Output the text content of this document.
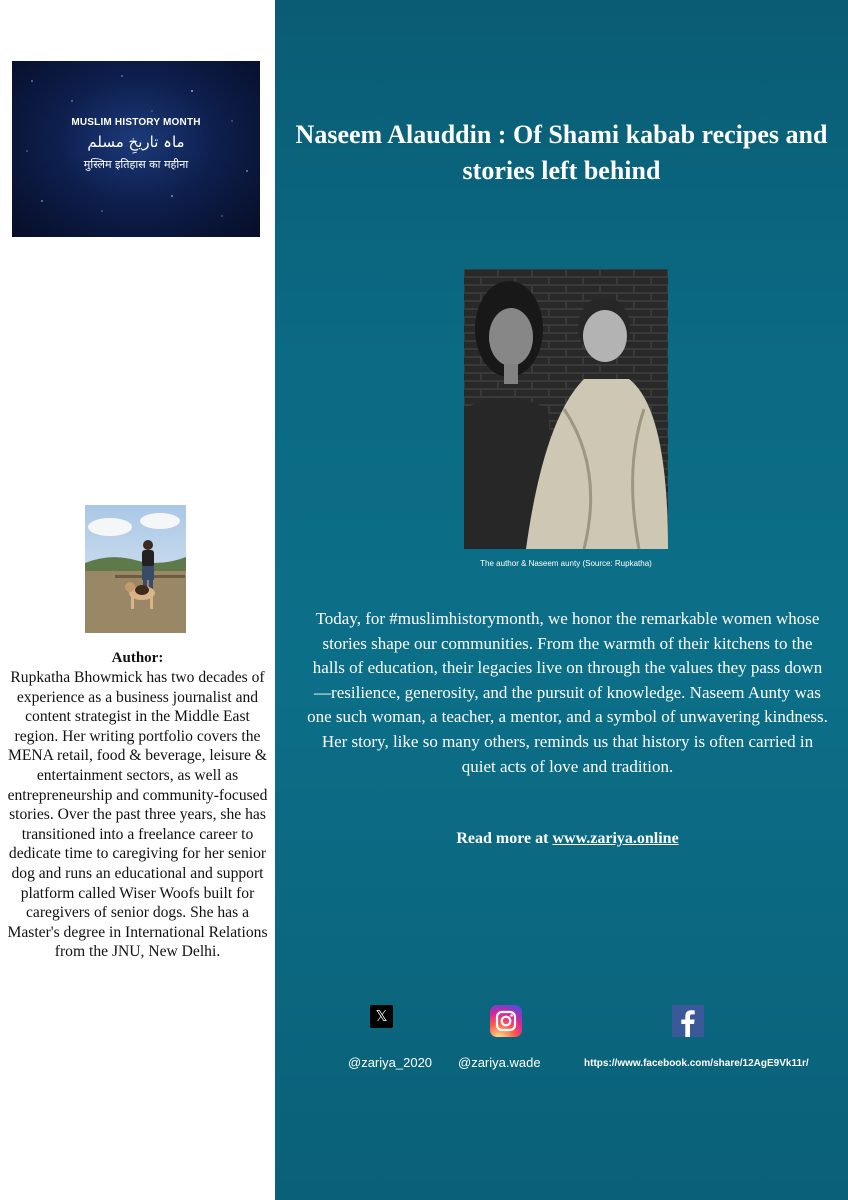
MUSLIM HISTORY MONTH
ماہ تاریخِ مسلم
मुस्लिम इतिहास का महीना
Author:
Rupkatha Bhowmick has two decades of experience as a business journalist and content strategist in the Middle East region. Her writing portfolio covers the MENA retail, food & beverage, leisure & entertainment sectors, as well as entrepreneurship and community-focused stories. Over the past three years, she has transitioned into a freelance career to dedicate time to caregiving for her senior dog and runs an educational and support platform called Wiser Woofs built for caregivers of senior dogs. She has a Master's degree in International Relations from the JNU, New Delhi.
Naseem Alauddin : Of Shami kabab recipes and stories left behind
The author & Naseem aunty (Source: Rupkatha)

Today, for #muslimhistorymonth, we honor the remarkable women whose stories shape our communities. From the warmth of their kitchens to the halls of education, their legacies live on through the values they pass down—resilience, generosity, and the pursuit of knowledge. Naseem Aunty was one such woman, a teacher, a mentor, and a symbol of unwavering kindness. Her story, like so many others, reminds us that history is often carried in quiet acts of love and tradition.

Read more at www.zariya.online
𝕏
@zariya_2020 @zariya.wade	https://www.facebook.com/share/12AgE9Vk11r/
